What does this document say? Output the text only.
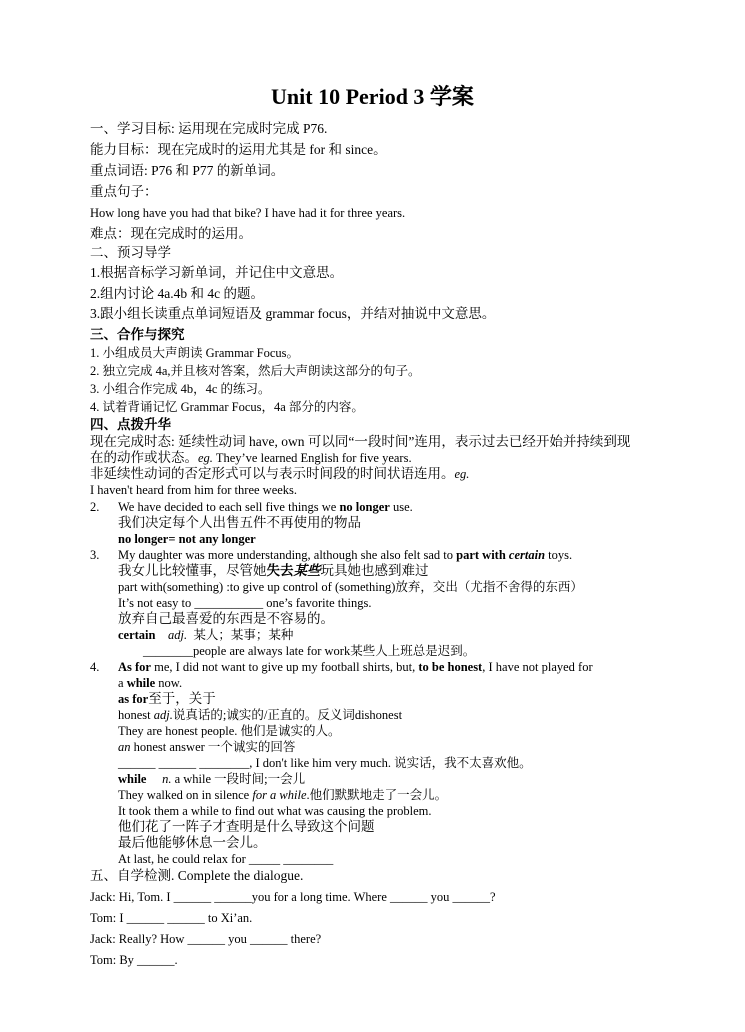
Unit 10 Period 3 学案
一、学习目标: 运用现在完成时完成 P76.
能力目标：现在完成时的运用尤其是 for 和 since。
重点词语: P76 和 P77 的新单词。
重点句子：
How long have you had that bike? I have had it for three years.
难点：现在完成时的运用。
二、预习导学
1.根据音标学习新单词，并记住中文意思。
2.组内讨论 4a.4b 和 4c 的题。
3.跟小组长读重点单词短语及 grammar focus，并结对抽说中文意思。
三、合作与探究
1. 小组成员大声朗读 Grammar Focus。
2. 独立完成 4a,并且核对答案，然后大声朗读这部分的句子。
3. 小组合作完成 4b，4c 的练习。
4. 试着背诵记忆 Grammar Focus，4a 部分的内容。
四、点拨升华
现在完成时态: 延续性动词 have, own 可以同“一段时间”连用，表示过去已经开始并持续到现
在的动作或状态。eg. They’ve learned English for five years.
非延续性动词的否定形式可以与表示时间段的时间状语连用。eg.
I haven't heard from him for three weeks.
2. We have decided to each sell five things we no longer use.
我们决定每个人出售五件不再使用的物品
no longer= not any longer
3. My daughter was more understanding, although she also felt sad to part with certain toys.
我女儿比较懂事，尽管她失去某些玩具她也感到难过
part with(something) :to give up control of (something)放弃，交出（尤指不舍得的东西）
It’s not easy to ___________ one’s favorite things.
放弃自己最喜爱的东西是不容易的。
certain adj. 某人；某事；某种
________people are always late for work某些人上班总是迟到。
4. As for me, I did not want to give up my football shirts, but, to be honest, I have not played for
a while now.
as for至于，关于
honest adj.说真话的;诚实的/正直的。反义词dishonest
They are honest people. 他们是诚实的人。
an honest answer 一个诚实的回答
______ ______ ________, I don't like him very much. 说实话，我不太喜欢他。
while n. a while 一段时间;一会儿
They walked on in silence for a while.他们默默地走了一会儿。
It took them a while to find out what was causing the problem.
他们花了一阵子才查明是什么导致这个问题
最后他能够休息一会儿。
At last, he could relax for _____ ________
五、自学检测. Complete the dialogue.
Jack: Hi, Tom. I ______ ______you for a long time. Where ______ you ______?
Tom: I ______ ______ to Xi’an.
Jack: Really? How ______ you ______ there?
Tom: By ______.
